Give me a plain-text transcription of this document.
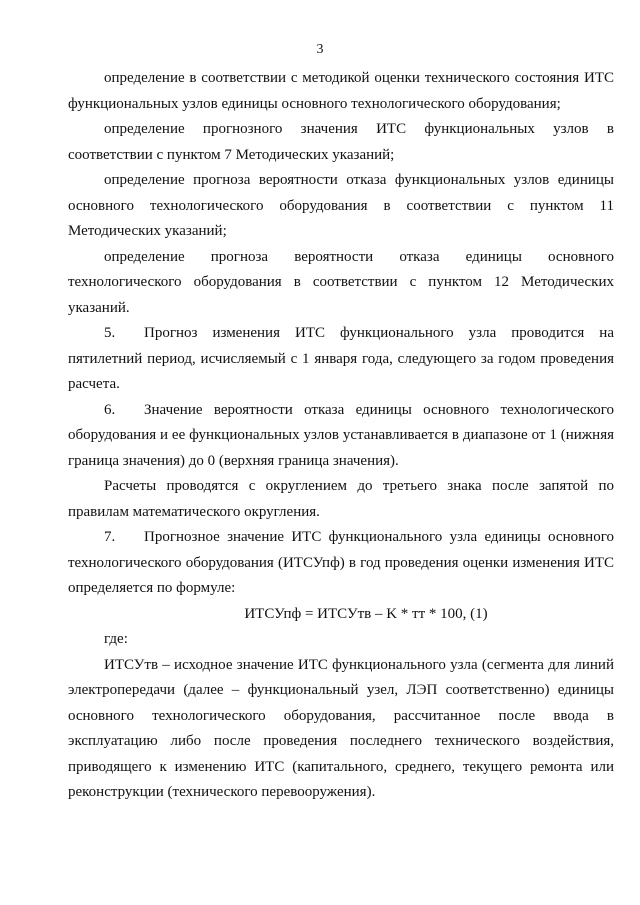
3

определение в соответствии с методикой оценки технического состояния ИТС функциональных узлов единицы основного технологического оборудования;

определение прогнозного значения ИТС функциональных узлов в соответствии с пунктом 7 Методических указаний;

определение прогноза вероятности отказа функциональных узлов единицы основного технологического оборудования в соответствии с пунктом 11 Методических указаний;

определение прогноза вероятности отказа единицы основного технологического оборудования в соответствии с пунктом 12 Методических указаний.

5. Прогноз изменения ИТС функционального узла проводится на пятилетний период, исчисляемый с 1 января года, следующего за годом проведения расчета.

6. Значение вероятности отказа единицы основного технологического оборудования и ее функциональных узлов устанавливается в диапазоне от 1 (нижняя граница значения) до 0 (верхняя граница значения).

Расчеты проводятся с округлением до третьего знака после запятой по правилам математического округления.

7. Прогнозное значение ИТС функционального узла единицы основного технологического оборудования (ИТСУпф) в год проведения оценки изменения ИТС определяется по формуле:

ИТСУпф = ИТСУтв – K * тт * 100, (1)

где:

ИТСУтв – исходное значение ИТС функционального узла (сегмента для линий электропередачи (далее – функциональный узел, ЛЭП соответственно) единицы основного технологического оборудования, рассчитанное после ввода в эксплуатацию либо после проведения последнего технического воздействия, приводящего к изменению ИТС (капитального, среднего, текущего ремонта или реконструкции (технического перевооружения).
